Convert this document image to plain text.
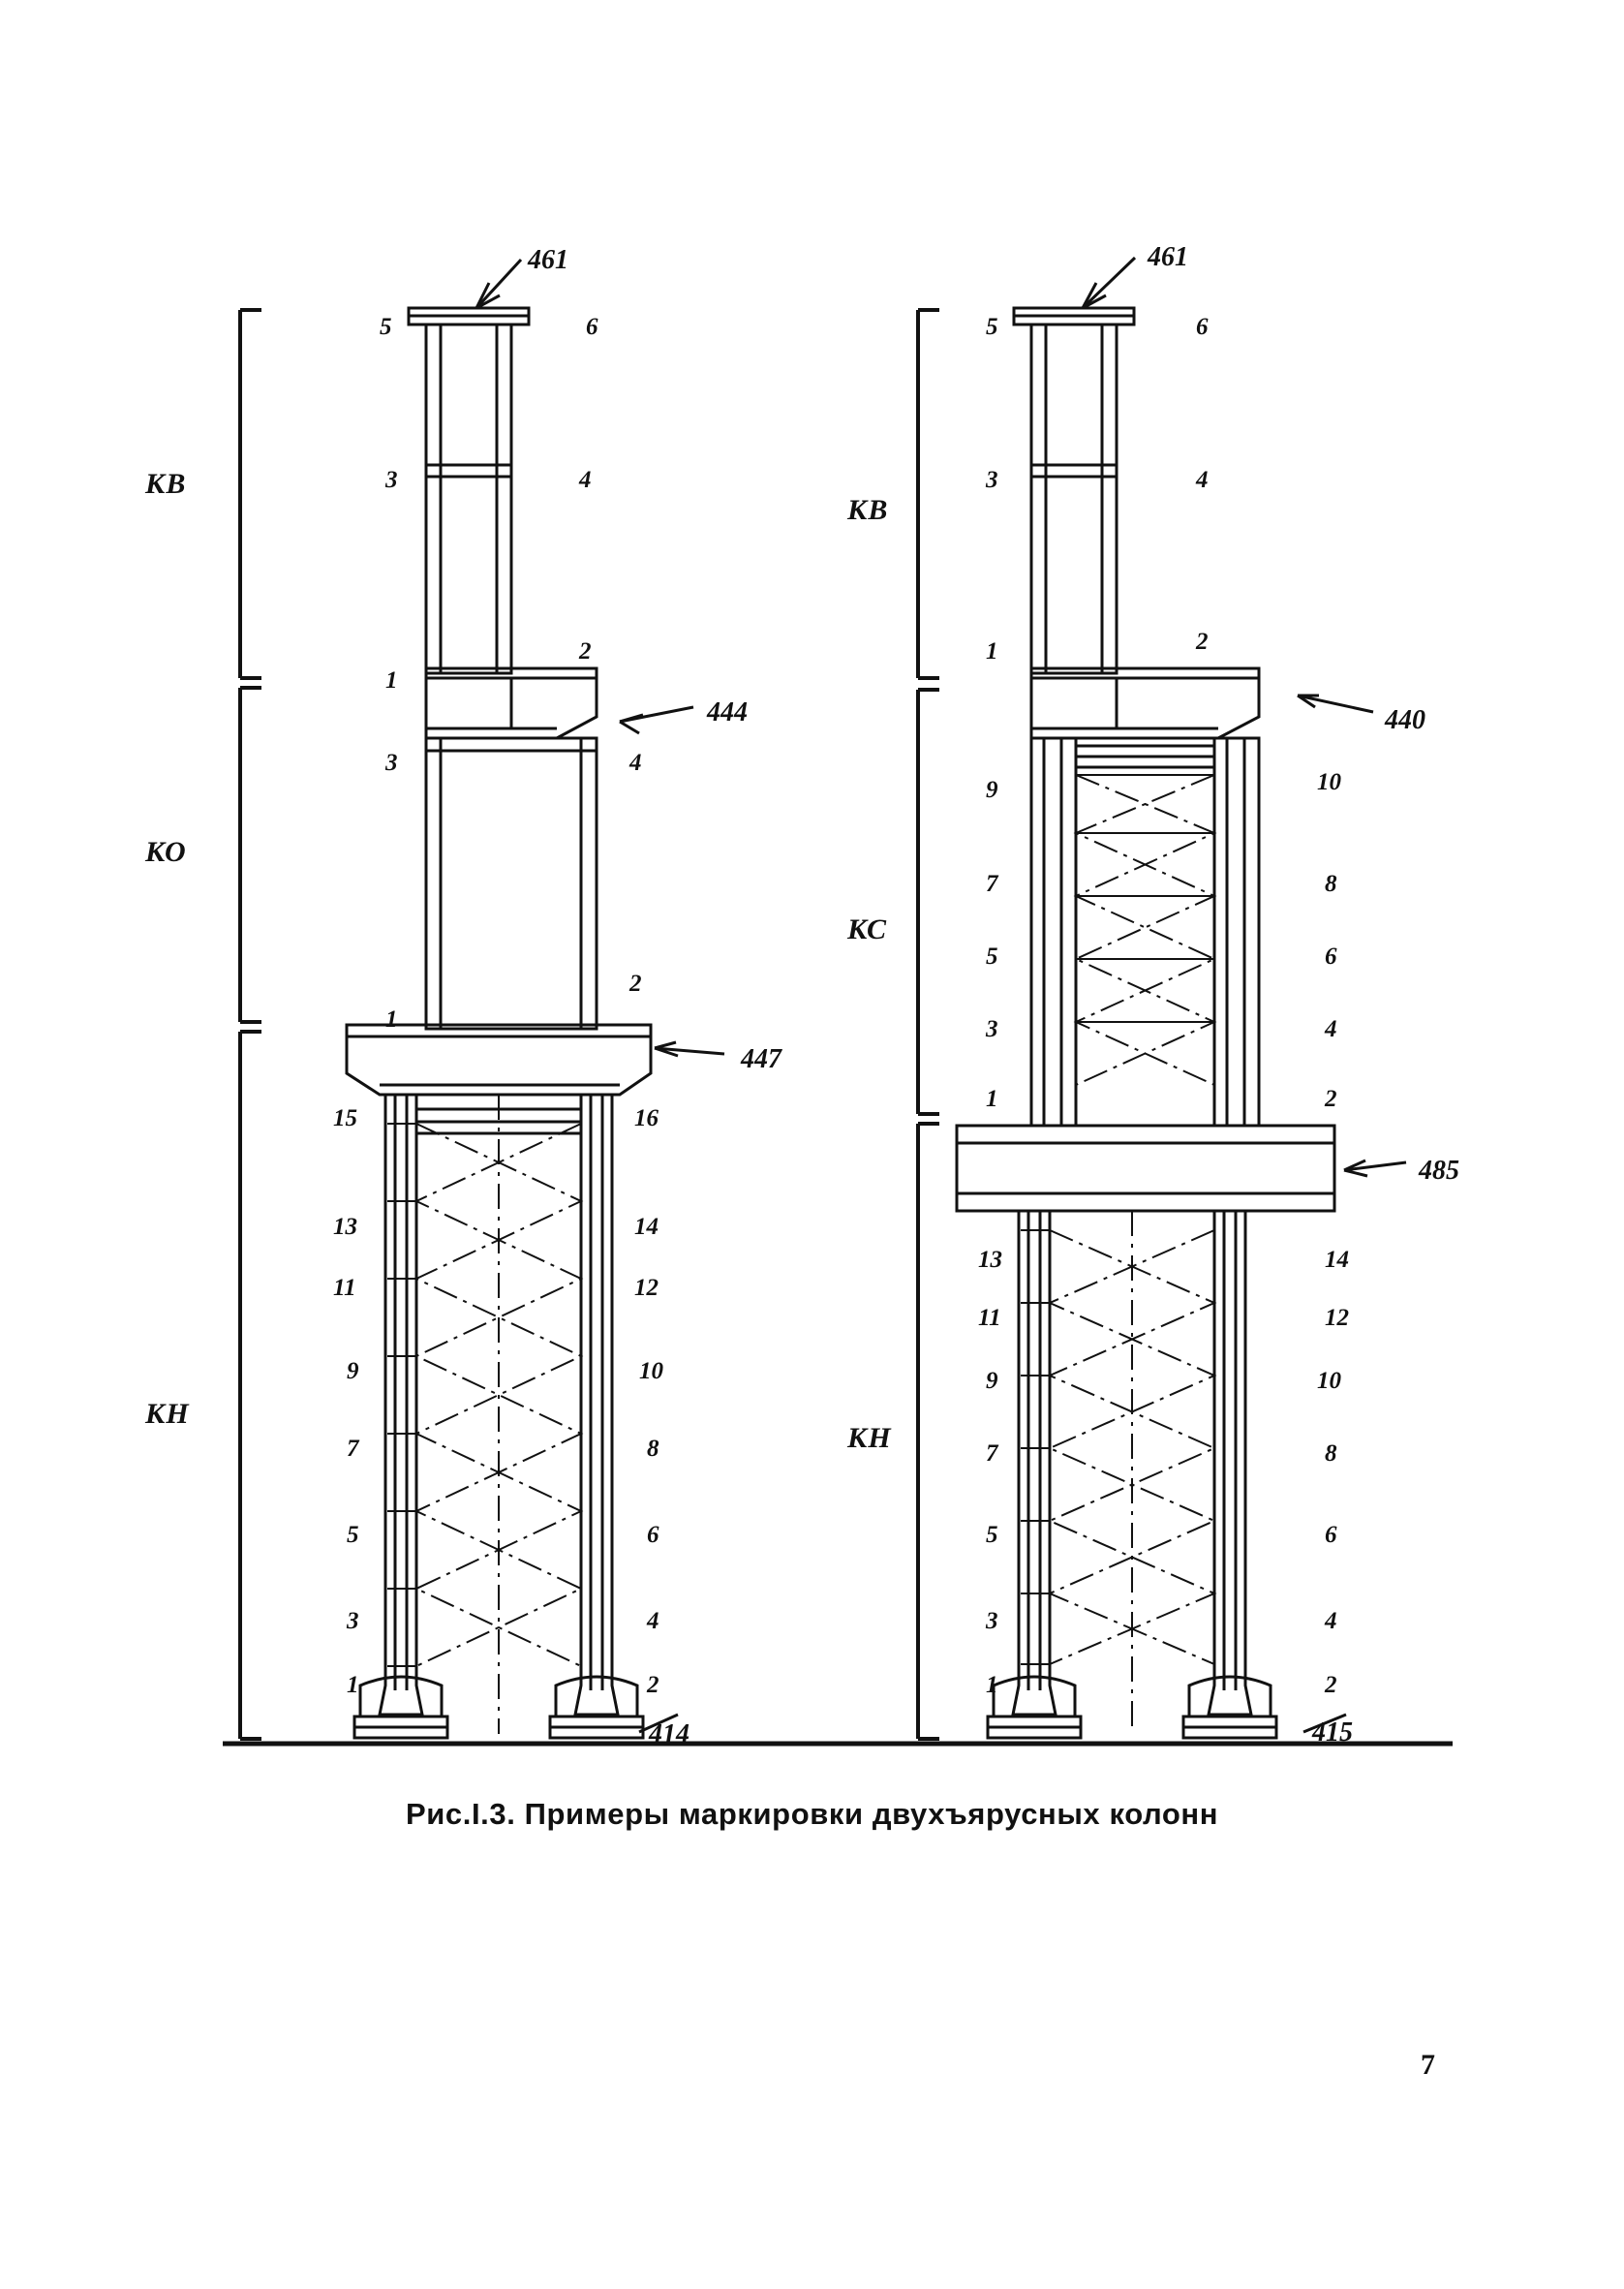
КВ
КО
КН
461
444
447
414
5
3
1
3
1
15
13
11
9
7
5
3
1
6
4
2
4
2
16
14
12
10
8
6
4
2
КВ
КС
КН
461
440
485
415
5
3
1
9
7
5
3
1
13
11
9
7
5
3
1
6
4
2
10
8
6
4
2
14
12
10
8
6
4
2
Рис.I.3. Примеры маркировки двухъярусных колонн
7
